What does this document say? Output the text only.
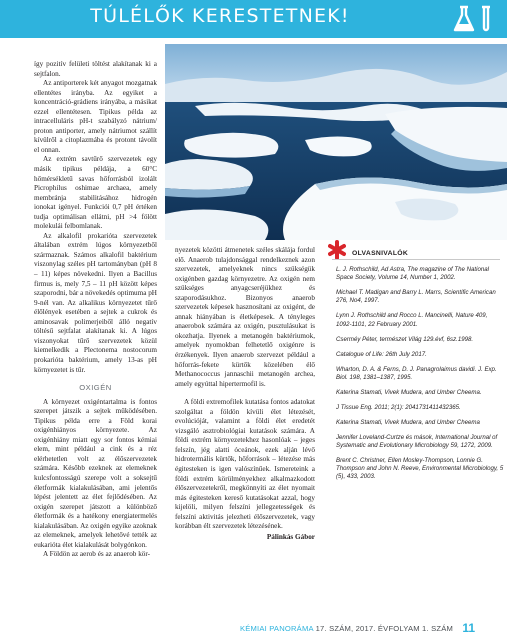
TÚLÉLŐK KERESTETNEK!

így pozitív felületi töltést alakítanak ki a sejtfalon.

Az antiporterek két anyagot mozgatnak ellentétes irányba. Az egyiket a koncentráció-grádiens irányába, a másikat ezzel ellentétesen. Tipikus példa az intracelluláris pH-t szabályzó nátrium/ proton antiporter, amely nátriumot szállít kívülről a citoplazmába és protont távolít el onnan.

Az extrém savtűrő szervezetek egy másik tipikus példája, a 60°C hőmérsékletű savas hőforrásból izolált Picrophilus oshimae archaea, amely membránja stabilitásához hidrogén ionokat igényel. Funkciói 0,7 pH értéken tudja optimálisan ellátni, pH >4 fölött molekulái felbomlanak.

Az alkalofil prokarióta szervezetek általában extrém lúgos környezetből származnak. Számos alkalofil baktérium viszonylag széles pH tartományban (pH 8 – 11) képes növekedni. Ilyen a Bacillus firmus is, mely 7,5 – 11 pH között képes szaporodni, bár a növekedés optimuma pH 9-nél van. Az alkalikus környezetet tűrő élőlények esetében a sejtek a cukrok és aminosavak polimerjeiből álló negatív töltésű sejtfalat alakítanak ki. A lúgos viszonyokat tűrő szervezetek közül kiemelkedik a Plectonema nostocorum prokarióta baktérium, amely 13-as pH környezetet is tűr.

OXIGÉN

A környezet oxigéntartalma is fontos szerepet játszik a sejtek működésében. Tipikus példa erre a Föld korai oxigénhiányos környezete. Az oxigénhiány miatt egy sor fontos kémiai elem, mint például a cink és a réz elérhetetlen volt az élőszervezetek számára. Később ezeknek az elemeknek kulcsfontosságú szerepe volt a soksejtű életformák kialakulásában, ami jelentős lépést jelentett az élet fejlődésében. Az oxigén szerepet játszott a különböző életformák és a hatékony energiatermelés kialakulásában. Az oxigén egyike azoknak az elemeknek, amelyek lehetővé tették az eukarióta élet kialakulását bolygónkon.

A Földön az aerob és az anaerob kör-

nyezetek közötti átmenetek széles skálája fordul elő. Anaerob tulajdonsággal rendelkeznek azon szervezetek, amelyeknek nincs szükségük oxigénben gazdag környezetre. Az oxigén nem szükséges anyagcseréjükhez és szaporodásukhoz. Bizonyos anaerob szervezetek képesek hasznosítani az oxigént, de annak hiányában is életképesek. A tényleges anaerobok számára az oxigén, pusztulásukat is okozhatja. Ilyenek a metanogén baktériumok, amelyek nyomokban felhetetlő oxigénre is érzékenyek. Ilyen anaerob szervezet például a hőforrás-fekete kürtők közelében élő Methanococcus jannaschii metanogén archea, amely egyúttal hipertermofil is.

A földi extremofilek kutatása fontos adatokat szolgáltat a földön kívüli élet létezését, evolúcióját, valamint a földi élet eredetét vizsgáló asztrobiológiai kutatások számára. A földi extrém környezetekhez hasonlóak – jeges felszín, jég alatti óceánok, ezek alján lévő hidrotermális kürtők, hőforrások – létezése más égitesteken is igen valószínűek. Ismereteink a földi extrém körülményekhez alkalmazkodott élőszervezetekről, megkönnyíti az élet nyomait más égitesteken kereső kutatásokat azzal, hogy kijelöli, milyen felszíni jellegzetességek és felszíni aktivitás jelezheti élőszervezetek, vagy korábban élt szervezetek létezésének.

Pálinkás Gábor
OLVASNIVALÓK

L. J. Rothschild, Ad Astra, The magazine of The National Space Society, Volume 14, Number 1, 2002.

Michael T. Madigan and Barry L. Marrs, Scientific American 276, No4, 1997.

Lynn J. Rothschild and Rocco L. Mancinelli, Nature 409, 1092-1101, 22 February 2001.

Cserméy Péter, természet Világ 129.évf, 6sz.1998.

Catalogue of Life: 26th July 2017.

Wharton, D. A. & Ferns, D. J. Panagrolaimus davidi. J. Exp. Biol. 198, 1381–1387, 1995.

Katerina Stamati, Vivek Mudera, and Umber Cheema.

J Tissue Eng. 2011; 2(1): 2041731411432365.

Katerina Stamati, Vivek Mudera, and Umber Cheema

Jennifer Loveland-Curtze és mások, International Journal of Systematic and Evolutionary Microbiology 59, 1272, 2009.

Brent C. Christner, Ellen Mosley-Thompson, Lonnie G. Thompson and John N. Reeve, Environmental Microbiology, 5 (5), 433, 2003.

KÉMIAI PANORÁMA 17. SZÁM, 2017. ÉVFOLYAM 1. SZÁM 11
